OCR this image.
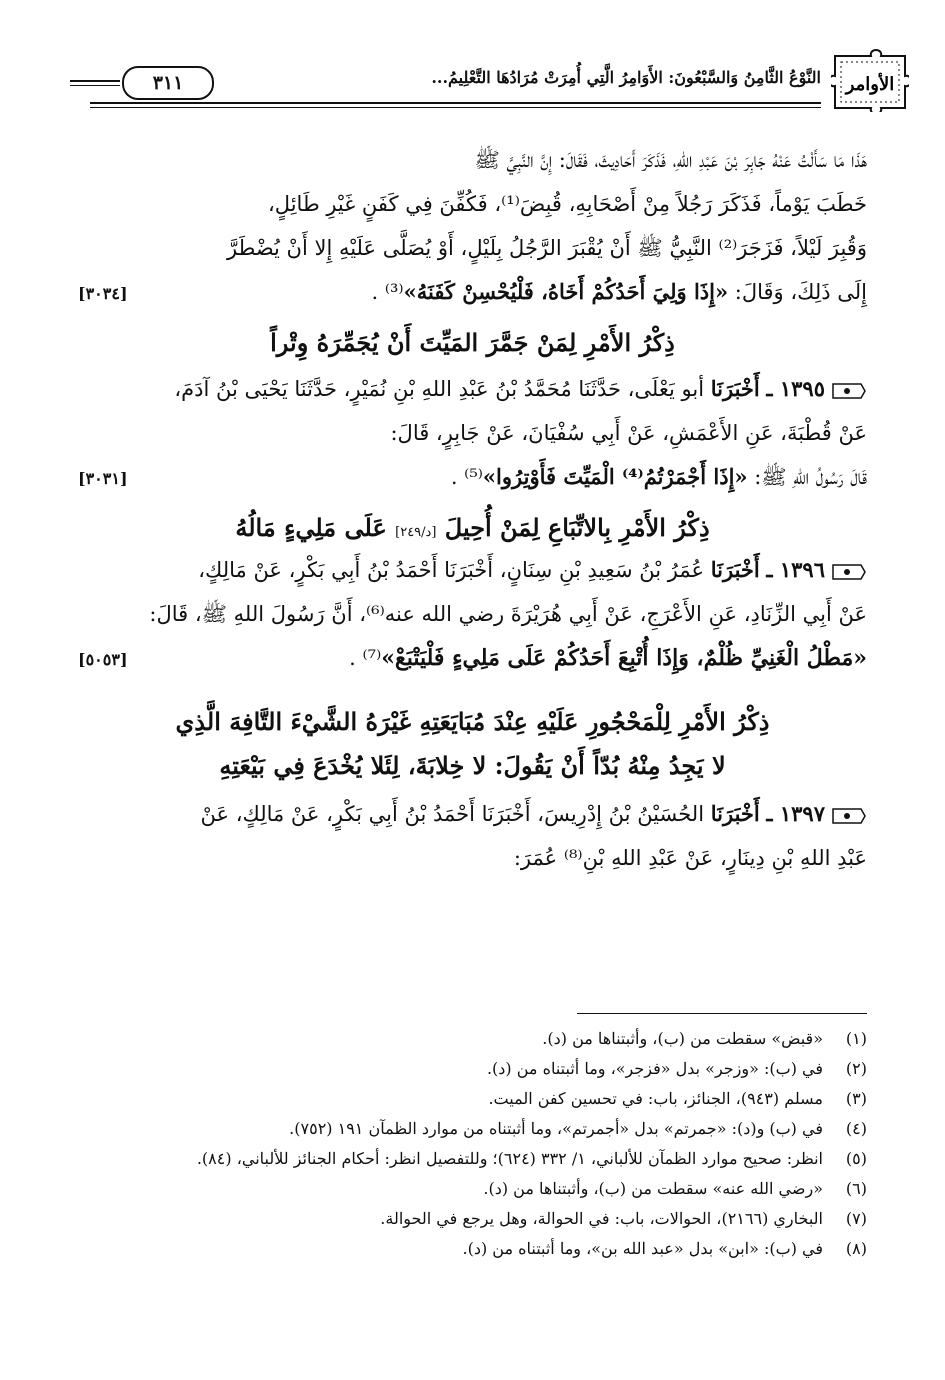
٣١١	النَّوْعُ الثَّامِنُ وَالسَّبْعُونَ: الأَوَامِرُ الَّتِي أُمِرَتْ مُرَادُهَا التَّعْلِيمُ... الأوامر

هَذَا مَا سَأَلْتُ عَنْهُ جَابِرَ بْنَ عَبْدِ اللهِ، فَذَكَرَ أَحَادِيثَ، فَقَالَ: إِنَّ النَّبِيَّ ﷺ
خَطَبَ يَوْماً، فَذَكَرَ رَجُلاً مِنْ أَصْحَابِهِ، قُبِضَ⁽¹⁾، فَكُفِّنَ فِي كَفَنٍ غَيْرِ طَائِلٍ،
وَقُبِرَ لَيْلاً، فَزَجَرَ⁽²⁾ النَّبِيُّ ﷺ أَنْ يُقْبَرَ الرَّجُلُ بِلَيْلٍ، أَوْ يُصَلَّى عَلَيْهِ إِلا أَنْ يُضْطَرَّ

[٣٠٣٤]	إِلَى ذَلِكَ، وَقَالَ: «إِذَا وَلِيَ أَحَدُكُمْ أَخَاهُ، فَلْيُحْسِنْ كَفَنَهُ»⁽³⁾ .

ذِكْرُ الأَمْرِ لِمَنْ جَمَّرَ المَيِّتَ أَنْ يُجَمِّرَهُ وِتْراً

١٣٩٥ ـ أَخْبَرَنَا أبو يَعْلَى، حَدَّثَنَا مُحَمَّدُ بْنُ عَبْدِ اللهِ بْنِ نُمَيْرٍ، حَدَّثَنَا يَحْيَى بْنُ آدَمَ،
عَنْ قُطْبَةَ، عَنِ الأَعْمَشِ، عَنْ أَبِي سُفْيَانَ، عَنْ جَابِرٍ، قَالَ:

[٣٠٣١]	قَالَ رَسُولُ اللهِ ﷺ: «إِذَا أَجْمَرْتُمُ⁽⁴⁾ الْمَيِّتَ فَأَوْتِرُوا»⁽⁵⁾ .

ذِكْرُ الأَمْرِ بِالاتِّبَاعِ لِمَنْ أُحِيلَ [د/٢٤٩] عَلَى مَلِيءٍ مَالُهُ

١٣٩٦ ـ أَخْبَرَنَا عُمَرُ بْنُ سَعِيدِ بْنِ سِنَانٍ، أَخْبَرَنَا أَحْمَدُ بْنُ أَبِي بَكْرٍ، عَنْ مَالِكٍ،
عَنْ أَبِي الزِّنَادِ، عَنِ الأَعْرَجِ، عَنْ أَبِي هُرَيْرَةَ رضي الله عنه⁽⁶⁾، أَنَّ رَسُولَ اللهِ ﷺ، قَالَ:

[٥٠٥٣]	«مَطْلُ الْغَنِيِّ ظُلْمٌ، وَإِذَا أُتْبِعَ أَحَدُكُمْ عَلَى مَلِيءٍ فَلْيَتْبَعْ»⁽⁷⁾ .

ذِكْرُ الأَمْرِ لِلْمَحْجُورِ عَلَيْهِ عِنْدَ مُبَايَعَتِهِ غَيْرَهُ الشَّيْءَ التَّافِهَ الَّذِي
لا يَجِدُ مِنْهُ بُدّاً أَنْ يَقُولَ: لا خِلابَةَ، لِئَلا يُخْدَعَ فِي بَيْعَتِهِ

١٣٩٧ ـ أَخْبَرَنَا الحُسَيْنُ بْنُ إِدْرِيسَ، أَخْبَرَنَا أَحْمَدُ بْنُ أَبِي بَكْرٍ، عَنْ مَالِكٍ، عَنْ
عَبْدِ اللهِ بْنِ دِينَارٍ، عَنْ عَبْدِ اللهِ بْنِ⁽⁸⁾ عُمَرَ:

(١)
«قبض» سقطت من (ب)، وأثبتناها من (د).

(٢)
في (ب): «وزجر» بدل «فزجر»، وما أثبتناه من (د).

(٣)
مسلم (٩٤٣)، الجنائز، باب: في تحسين كفن الميت.

(٤)
في (ب) و(د): «جمرتم» بدل «أجمرتم»، وما أثبتناه من موارد الظمآن ١٩١ (٧٥٢).

(٥)
انظر: صحيح موارد الظمآن للألباني، ١/ ٣٣٢ (٦٢٤)؛ وللتفصيل انظر: أحكام الجنائز للألباني، (٨٤).

(٦)
«رضي الله عنه» سقطت من (ب)، وأثبتناها من (د).

(٧)
البخاري (٢١٦٦)، الحوالات، باب: في الحوالة، وهل يرجع في الحوالة.

(٨)
في (ب): «ابن» بدل «عبد الله بن»، وما أثبتناه من (د).
